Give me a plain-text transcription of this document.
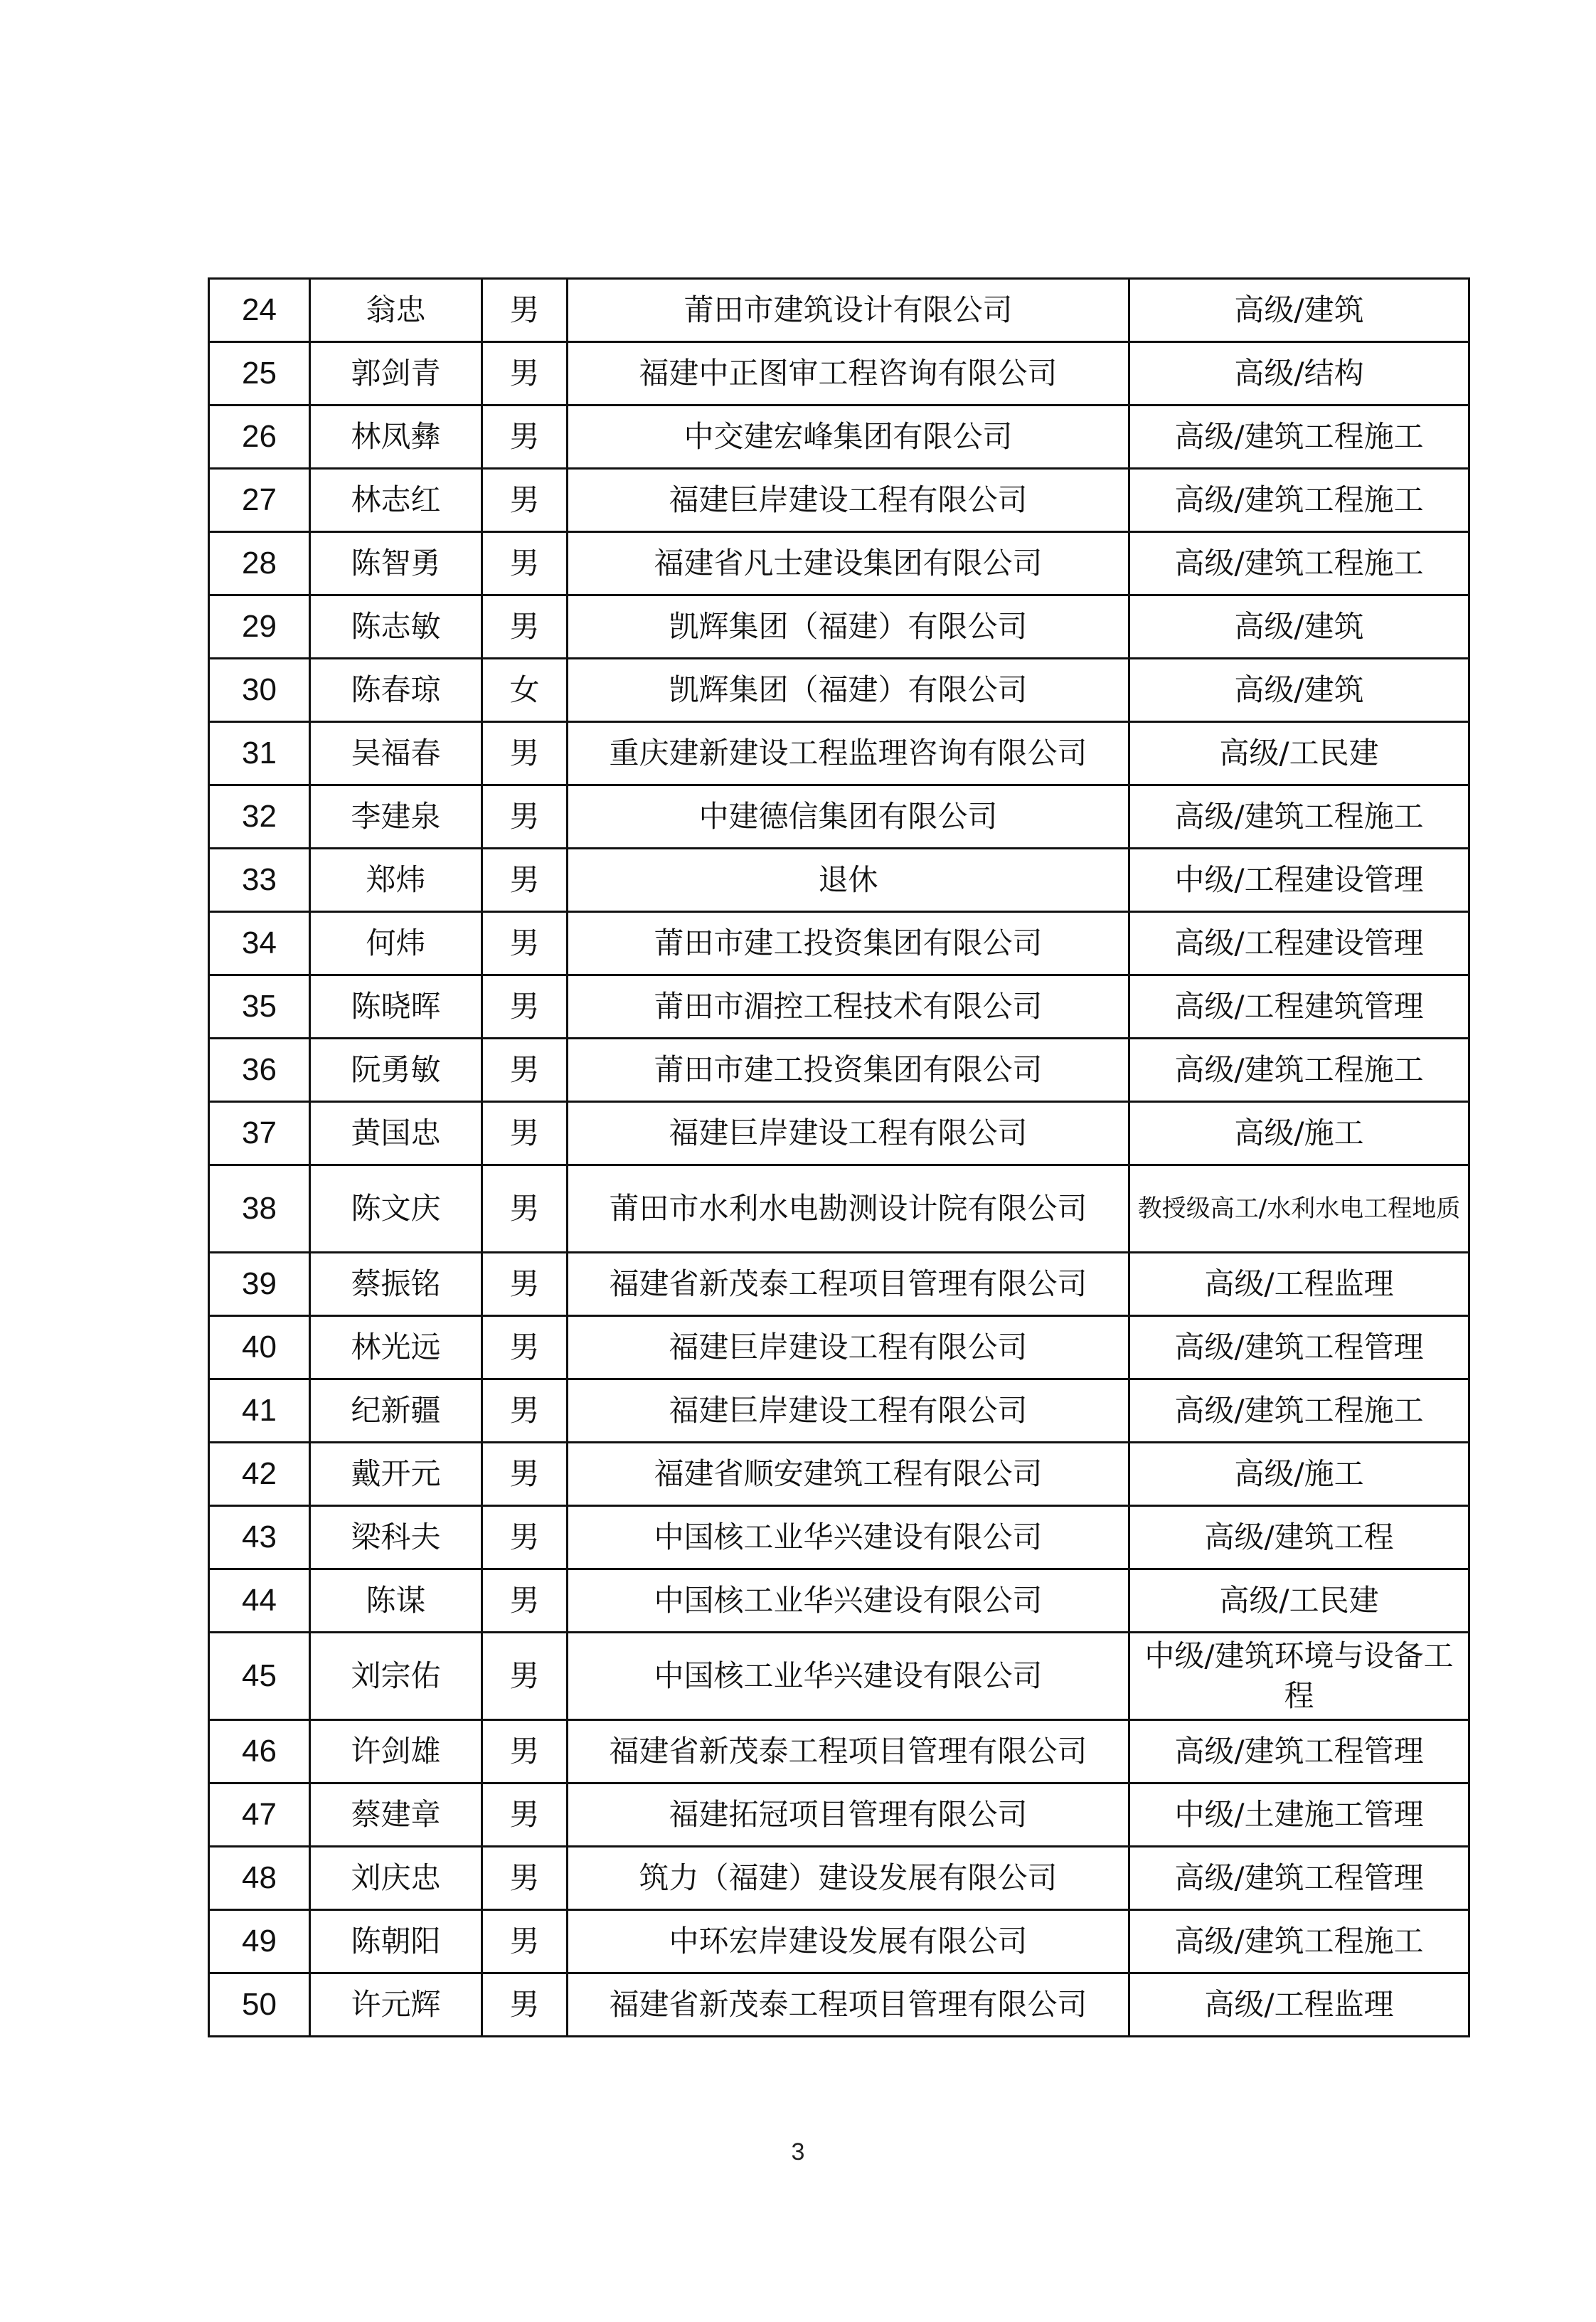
24	翁忠	男	莆田市建筑设计有限公司	高级/建筑
25	郭剑青	男	福建中正图审工程咨询有限公司	高级/结构
26	林凤彝	男	中交建宏峰集团有限公司	高级/建筑工程施工
27	林志红	男	福建巨岸建设工程有限公司	高级/建筑工程施工
28	陈智勇	男	福建省凡士建设集团有限公司	高级/建筑工程施工
29	陈志敏	男	凯辉集团（福建）有限公司	高级/建筑
30	陈春琼	女	凯辉集团（福建）有限公司	高级/建筑
31	吴福春	男	重庆建新建设工程监理咨询有限公司	高级/工民建
32	李建泉	男	中建德信集团有限公司	高级/建筑工程施工
33	郑炜	男	退休	中级/工程建设管理
34	何炜	男	莆田市建工投资集团有限公司	高级/工程建设管理
35	陈晓晖	男	莆田市湄控工程技术有限公司	高级/工程建筑管理
36	阮勇敏	男	莆田市建工投资集团有限公司	高级/建筑工程施工
37	黄国忠	男	福建巨岸建设工程有限公司	高级/施工
38	陈文庆	男	莆田市水利水电勘测设计院有限公司	教授级高工/水利水电工程地质
39	蔡振铭	男	福建省新茂泰工程项目管理有限公司	高级/工程监理
40	林光远	男	福建巨岸建设工程有限公司	高级/建筑工程管理
41	纪新疆	男	福建巨岸建设工程有限公司	高级/建筑工程施工
42	戴开元	男	福建省顺安建筑工程有限公司	高级/施工
43	梁科夫	男	中国核工业华兴建设有限公司	高级/建筑工程
44	陈谋	男	中国核工业华兴建设有限公司	高级/工民建
45	刘宗佑	男	中国核工业华兴建设有限公司	中级/建筑环境与设备工程
46	许剑雄	男	福建省新茂泰工程项目管理有限公司	高级/建筑工程管理
47	蔡建章	男	福建拓冠项目管理有限公司	中级/土建施工管理
48	刘庆忠	男	筑力（福建）建设发展有限公司	高级/建筑工程管理
49	陈朝阳	男	中环宏岸建设发展有限公司	高级/建筑工程施工
50	许元辉	男	福建省新茂泰工程项目管理有限公司	高级/工程监理
3
